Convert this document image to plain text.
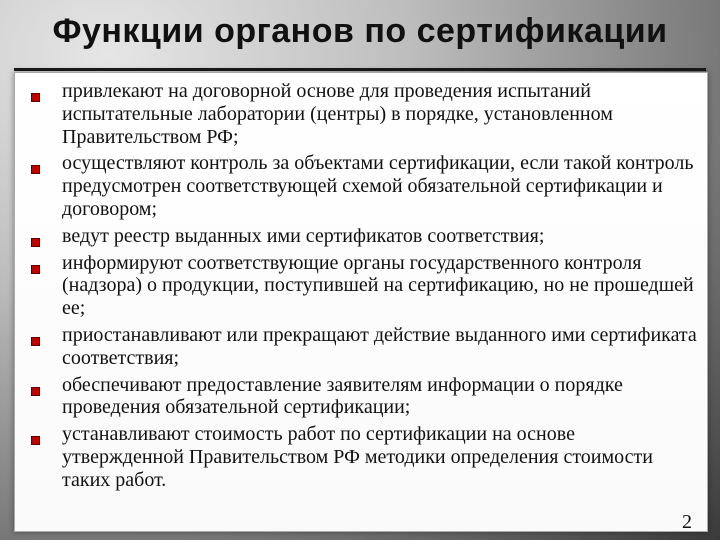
Функции органов по сертификации
привлекают на договорной основе для проведения испытаний испытательные лаборатории (центры) в порядке, установленном Правительством РФ;
осуществляют контроль за объектами сертификации, если такой контроль предусмотрен соответствующей схемой обязательной сертификации и договором;
ведут реестр выданных ими сертификатов соответствия;
информируют соответствующие органы государственного контроля (надзора) о продукции, поступившей на сертификацию, но не прошедшей ее;
приостанавливают или прекращают действие выданного ими сертификата соответствия;
обеспечивают предоставление заявителям информации о порядке проведения обязательной сертификации;
устанавливают стоимость работ по сертификации на основе утвержденной Правительством РФ методики определения стоимости таких работ.
2
